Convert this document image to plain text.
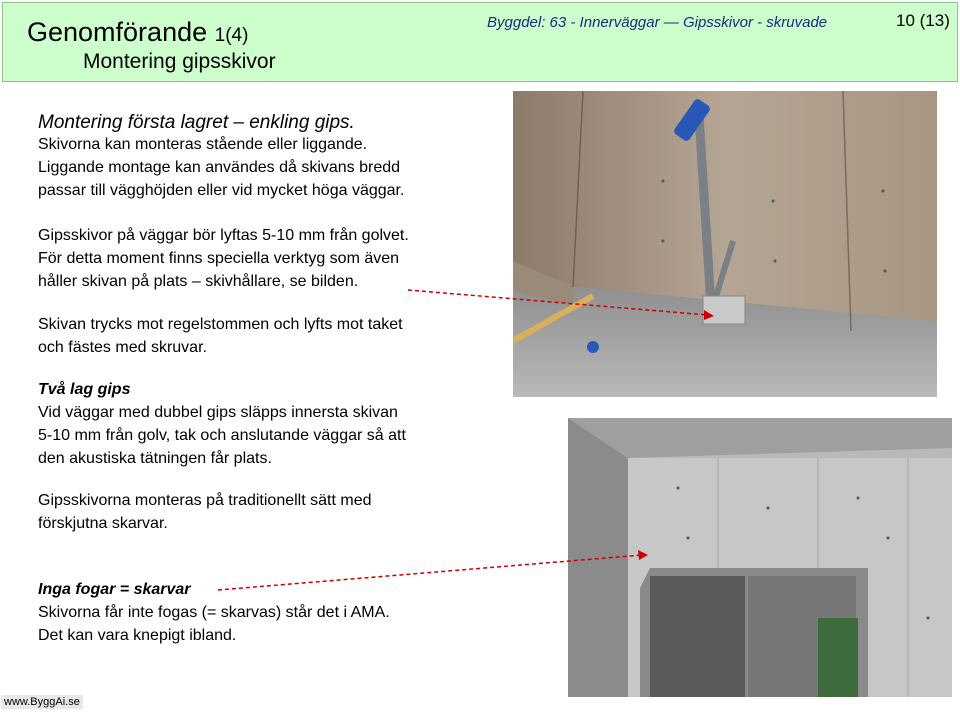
Genomförande 1(4)
Montering gipsskivor
Byggdel: 63 - Innerväggar ― Gipsskivor - skruvade	10 (13)
Montering första lagret – enkling gips.
Skivorna kan monteras stående eller liggande.
Liggande montage kan användes då skivans bredd
passar till vägghöjden eller vid mycket höga väggar.
Gipsskivor på väggar bör lyftas 5-10 mm från golvet.
För detta moment finns speciella verktyg som även
håller skivan på plats – skivhållare, se bilden.
Skivan trycks mot regelstommen och lyfts mot taket
och fästes med skruvar.
Två lag gips
Vid väggar med dubbel gips släpps innersta skivan
5-10 mm från golv, tak och anslutande väggar så att
den akustiska tätningen får plats.
Gipsskivorna monteras på traditionellt sätt med
förskjutna skarvar.
Inga fogar = skarvar
Skivorna får inte fogas (= skarvas) står det i AMA.
Det kan vara knepigt ibland.
www.ByggAi.se
